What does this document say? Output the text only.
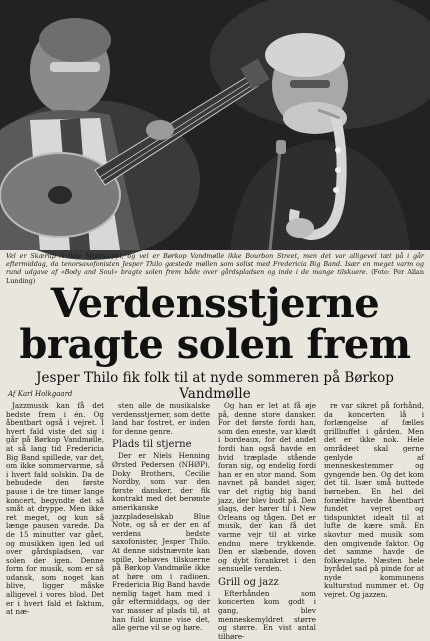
Vel er Skærup Å ikke Mississippi, og vel er Børkop Vandmølle ikke Bourbon Street, men det var alligevel tæt på i går eftermiddag, da tenorsaxofonisten Jesper Thilo gæstede møllen som solist med Fredericia Big Band. Især en meget varm og rund udgave af »Body and Soul« bragte solen frem både over gårdspladsen og inde i de mange tilskuere. (Foto: Per Allan Lunding) Verdensstjerne
bragte solen frem
Jesper Thilo fik folk til at nyde sommeren på Børkop Vandmølle
Af Karl Holkgaard

Jazzmusik kan få det bedste frem i én. Og åbentbart også i vejret. I hvert fald viste det sig i går på Børkop Vandmølle, at så lang tid Fredericia Big Band spillede, var det, om ikke sommervarme, så i hvert fald solskin. Da de bebudede den første pause i de tre timer lange koncert, begyndte det så småt at dryppe. Men ikke ret meget, og kun så længe pausen varede. Da de 15 minutter var gået, og musikken igen led ud over gårdspladsen, var solen der igen. Denne form for musik, som er så udansk, som noget kan blive, ligger måske alligevel i vores blod. Det er i hvert fald et faktum, at næ-

sten alle de musikalske verdensstjerner, som dette land har fostret, er inden for denne genre.

Plads til stjerne

Der er Niels Henning Ørsted Pedersen (NHØP), Doky Brothers, Cecilie Nordby, som var den første dansker, der fik kontrakt med det berømte amerikanske jazzpladeselskab Blue Note, og så er der en af verdens bedste saxofonister, Jesper Thilo. At denne sidstnævnte kan spille, behøves tilskuerne på Børkop Vandmølle ikke at høre om i radioen. Fredericia Big Band havde nemlig taget ham med i går eftermiddags, og der var masser af plads til, at han fuld kunne vise det, alle gerne vil se og høre.

Og han er let at få øje på, denne store dansker. For det første fordi han, som den eneste, var klædt i bordeaux, for det andet fordi han også havde en hvid træplade stående foran sig, og endelig fordi han er en stor mand. Som navnet på bandet siger, var det rigtig big band jazz, der blev budt på. Den slags, der hører til i New Orleans og tågen. Det er musik, der kan få det varme vejr til at virke endnu mere trykkende. Den er slæbende, doven og dybt forankret i den sensuelle verden.

Grill og jazz

Efterhånden som koncerten kom godt i gang, blev menneskemyldret større og større. En vist antal tilhøre-

re var sikret på forhånd, da koncerten lå i forlængelse af fælles grillbuffet i gården. Men det er ikke nok. Hele områdeet skal gerne genlyde af menneskestemmer og gyngende ben. Og det kom det til. Især små buttede børneben. En hel del forældre havde åbentbart fundet vejret og tidspunktet idealt til at lufte de kære små. En skovtur med musik som den omgivende faktor. Og det samme havde de folkevalgte. Næsten hele byrådet sad på pinde for at nyde kommunens kulturstud nummer et. Og vejret. Og jazzen.
